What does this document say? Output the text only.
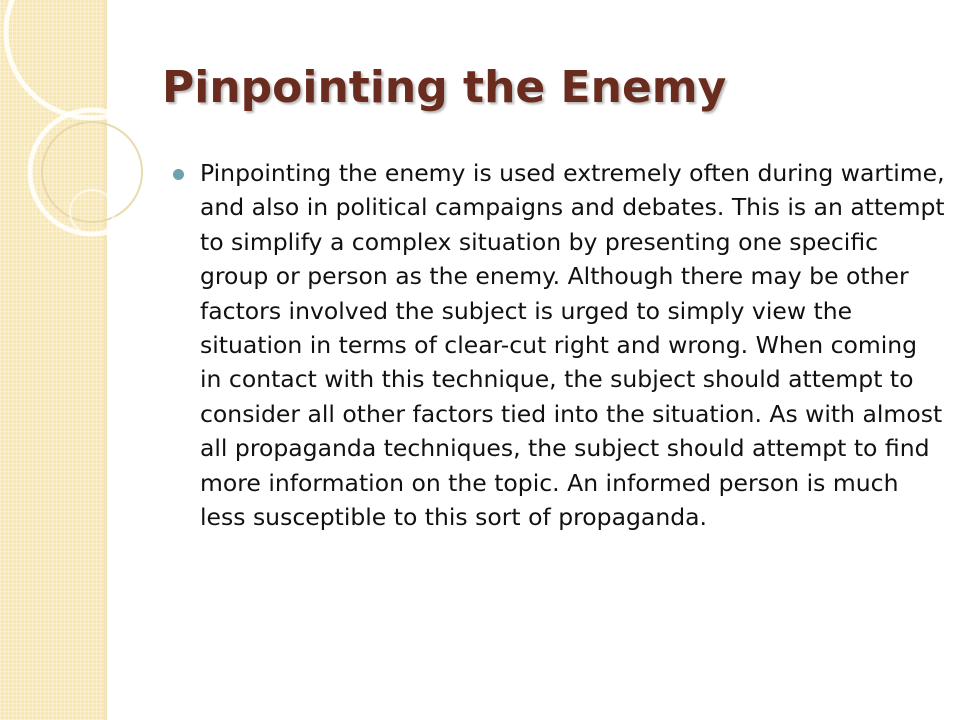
Pinpointing the Enemy
Pinpointing the enemy is used extremely often during wartime, and also in political campaigns and debates. This is an attempt to simplify a complex situation by presenting one specific group or person as the enemy. Although there may be other factors involved the subject is urged to simply view the situation in terms of clear-cut right and wrong. When coming in contact with this technique, the subject should attempt to consider all other factors tied into the situation. As with almost all propaganda techniques, the subject should attempt to find more information on the topic. An informed person is much less susceptible to this sort of propaganda.
